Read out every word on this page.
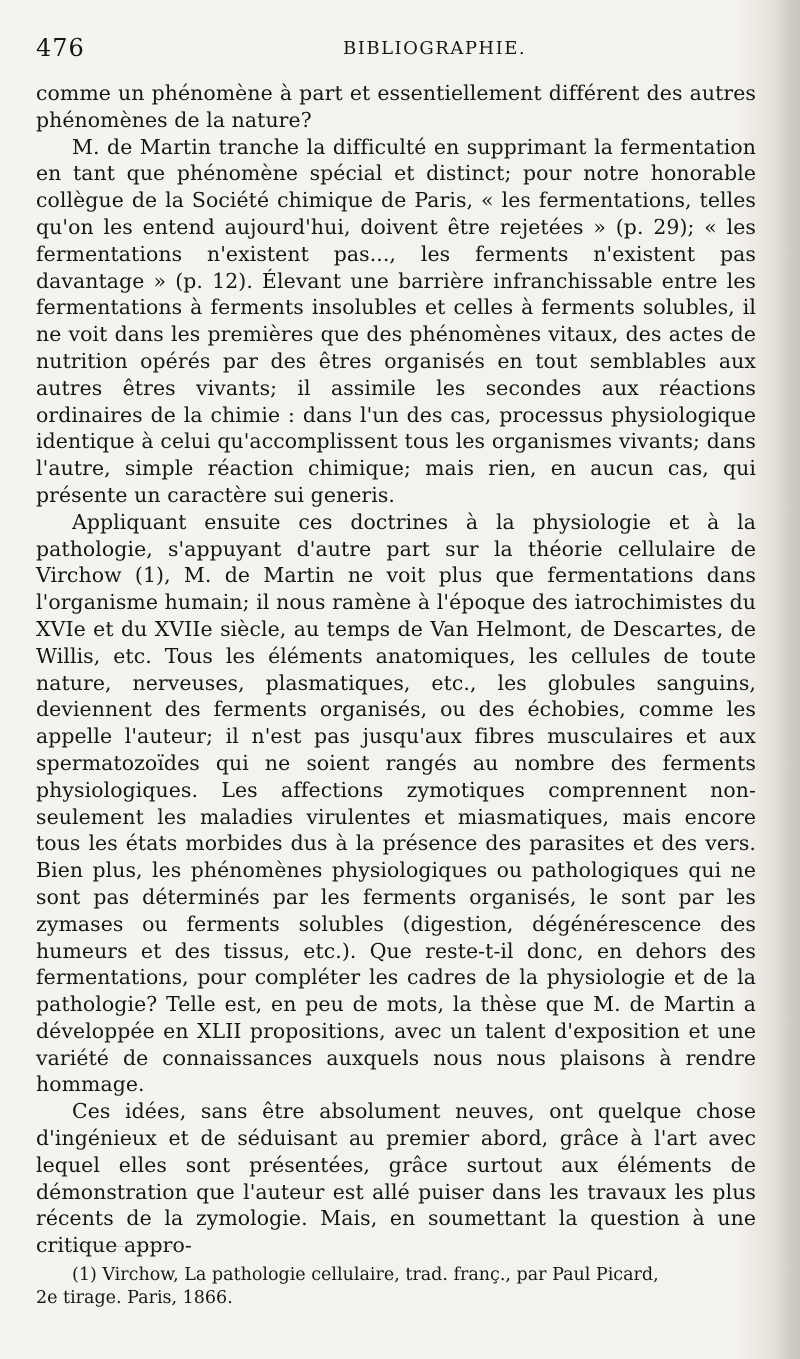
476	BIBLIOGRAPHIE.

comme un phénomène à part et essentiellement différent des autres phénomènes de la nature?

M. de Martin tranche la difficulté en supprimant la fermentation en tant que phénomène spécial et distinct; pour notre honorable collègue de la Société chimique de Paris, « les fermentations, telles qu'on les entend aujourd'hui, doivent être rejetées » (p. 29); « les fermentations n'existent pas..., les ferments n'existent pas davantage » (p. 12). Élevant une barrière infranchissable entre les fermentations à ferments insolubles et celles à ferments solubles, il ne voit dans les premières que des phénomènes vitaux, des actes de nutrition opérés par des êtres organisés en tout semblables aux autres êtres vivants; il assimile les secondes aux réactions ordinaires de la chimie : dans l'un des cas, processus physiologique identique à celui qu'accomplissent tous les organismes vivants; dans l'autre, simple réaction chimique; mais rien, en aucun cas, qui présente un caractère sui generis.

Appliquant ensuite ces doctrines à la physiologie et à la pathologie, s'appuyant d'autre part sur la théorie cellulaire de Virchow (1), M. de Martin ne voit plus que fermentations dans l'organisme humain; il nous ramène à l'époque des iatrochimistes du XVIe et du XVIIe siècle, au temps de Van Helmont, de Descartes, de Willis, etc. Tous les éléments anatomiques, les cellules de toute nature, nerveuses, plasmatiques, etc., les globules sanguins, deviennent des ferments organisés, ou des échobies, comme les appelle l'auteur; il n'est pas jusqu'aux fibres musculaires et aux spermatozoïdes qui ne soient rangés au nombre des ferments physiologiques. Les affections zymotiques comprennent non-seulement les maladies virulentes et miasmatiques, mais encore tous les états morbides dus à la présence des parasites et des vers. Bien plus, les phénomènes physiologiques ou pathologiques qui ne sont pas déterminés par les ferments organisés, le sont par les zymases ou ferments solubles (digestion, dégénérescence des humeurs et des tissus, etc.). Que reste-t-il donc, en dehors des fermentations, pour compléter les cadres de la physiologie et de la pathologie? Telle est, en peu de mots, la thèse que M. de Martin a développée en XLII propositions, avec un talent d'exposition et une variété de connaissances auxquels nous nous plaisons à rendre hommage.

Ces idées, sans être absolument neuves, ont quelque chose d'ingénieux et de séduisant au premier abord, grâce à l'art avec lequel elles sont présentées, grâce surtout aux éléments de démonstration que l'auteur est allé puiser dans les travaux les plus récents de la zymologie. Mais, en soumettant la question à une critique appro-

(1) Virchow, La pathologie cellulaire, trad. franç., par Paul Picard,

2e tirage. Paris, 1866.
